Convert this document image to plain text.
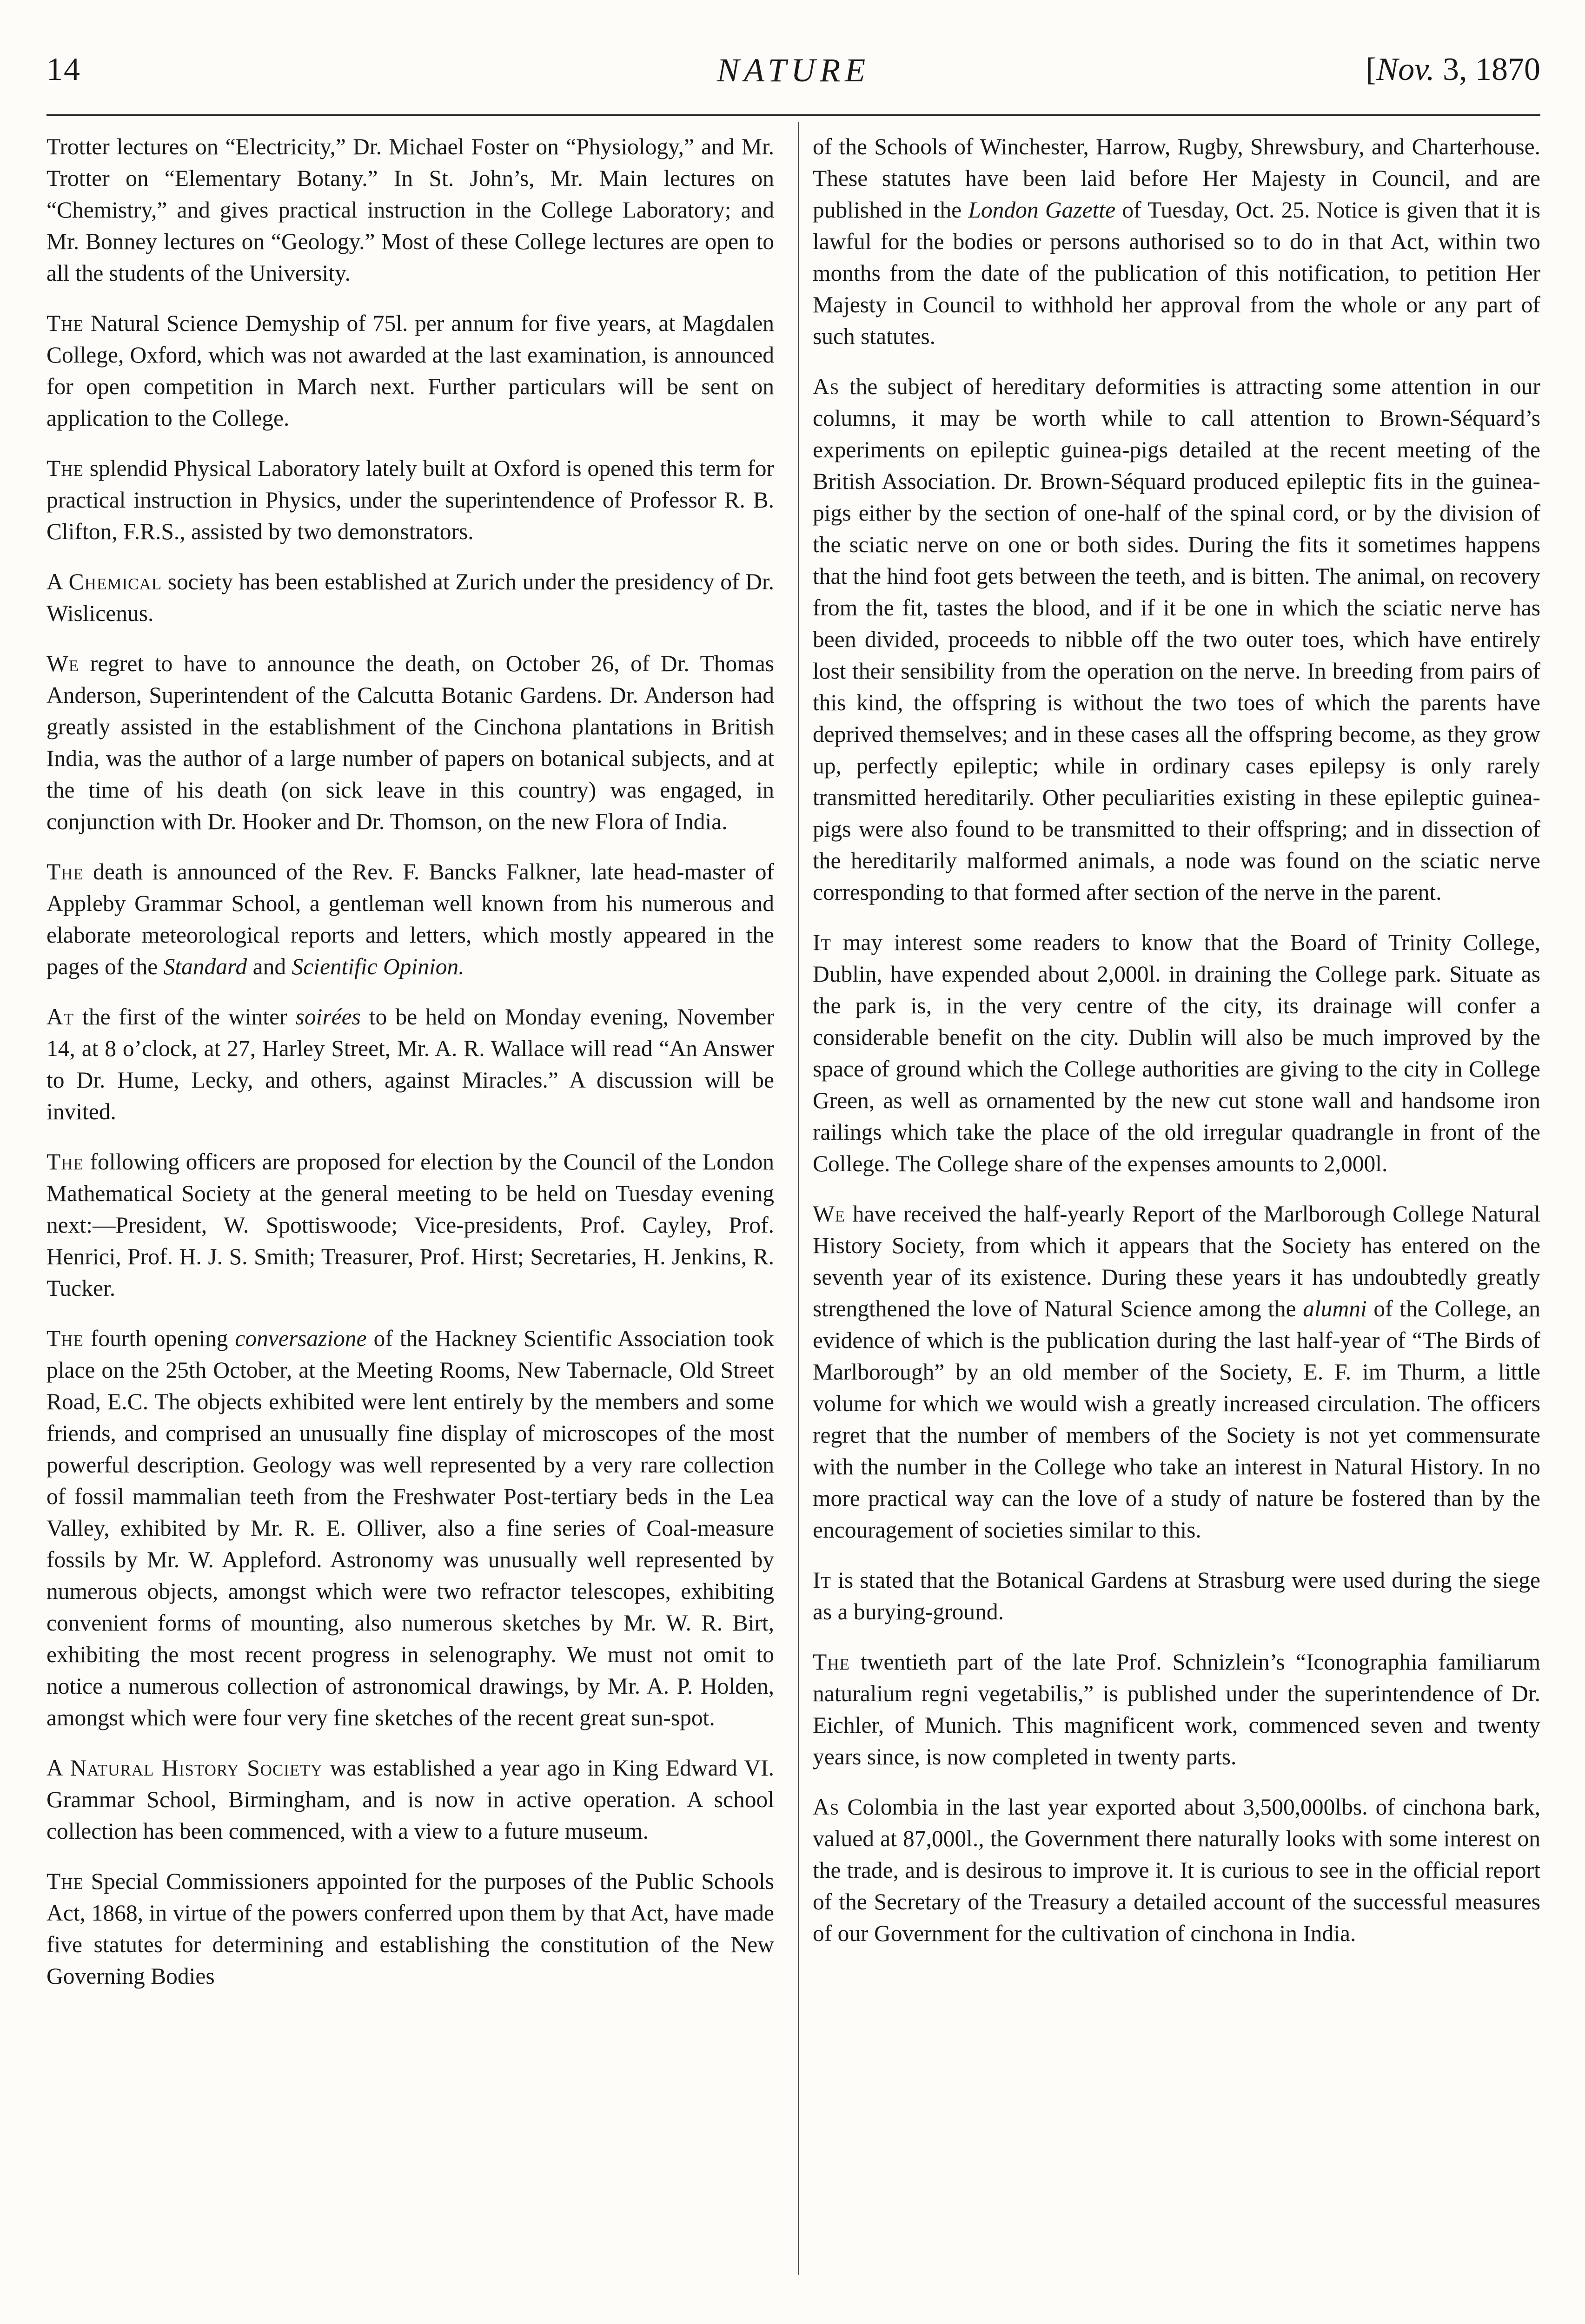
14	NATURE	[Nov. 3, 1870

Trotter lectures on “Electricity,” Dr. Michael Foster on “Physiology,” and Mr. Trotter on “Elementary Botany.” In St. John’s, Mr. Main lectures on “Chemistry,” and gives practical instruction in the College Laboratory; and Mr. Bonney lectures on “Geology.” Most of these College lectures are open to all the students of the University.

The Natural Science Demyship of 75l. per annum for five years, at Magdalen College, Oxford, which was not awarded at the last examination, is announced for open competition in March next. Further particulars will be sent on application to the College.

The splendid Physical Laboratory lately built at Oxford is opened this term for practical instruction in Physics, under the superintendence of Professor R. B. Clifton, F.R.S., assisted by two demonstrators.

A Chemical society has been established at Zurich under the presidency of Dr. Wislicenus.

We regret to have to announce the death, on October 26, of Dr. Thomas Anderson, Superintendent of the Calcutta Botanic Gardens. Dr. Anderson had greatly assisted in the establishment of the Cinchona plantations in British India, was the author of a large number of papers on botanical subjects, and at the time of his death (on sick leave in this country) was engaged, in conjunction with Dr. Hooker and Dr. Thomson, on the new Flora of India.

The death is announced of the Rev. F. Bancks Falkner, late head-master of Appleby Grammar School, a gentleman well known from his numerous and elaborate meteorological reports and letters, which mostly appeared in the pages of the Standard and Scientific Opinion.

At the first of the winter soirées to be held on Monday evening, November 14, at 8 o’clock, at 27, Harley Street, Mr. A. R. Wallace will read “An Answer to Dr. Hume, Lecky, and others, against Miracles.” A discussion will be invited.

The following officers are proposed for election by the Council of the London Mathematical Society at the general meeting to be held on Tuesday evening next:—President, W. Spottiswoode; Vice-presidents, Prof. Cayley, Prof. Henrici, Prof. H. J. S. Smith; Treasurer, Prof. Hirst; Secretaries, H. Jenkins, R. Tucker.

The fourth opening conversazione of the Hackney Scientific Association took place on the 25th October, at the Meeting Rooms, New Tabernacle, Old Street Road, E.C. The objects exhibited were lent entirely by the members and some friends, and comprised an unusually fine display of microscopes of the most powerful description. Geology was well represented by a very rare collection of fossil mammalian teeth from the Freshwater Post-tertiary beds in the Lea Valley, exhibited by Mr. R. E. Olliver, also a fine series of Coal-measure fossils by Mr. W. Appleford. Astronomy was unusually well represented by numerous objects, amongst which were two refractor telescopes, exhibiting convenient forms of mounting, also numerous sketches by Mr. W. R. Birt, exhibiting the most recent progress in selenography. We must not omit to notice a numerous collection of astronomical drawings, by Mr. A. P. Holden, amongst which were four very fine sketches of the recent great sun-spot.

A Natural History Society was established a year ago in King Edward VI. Grammar School, Birmingham, and is now in active operation. A school collection has been commenced, with a view to a future museum.

The Special Commissioners appointed for the purposes of the Public Schools Act, 1868, in virtue of the powers conferred upon them by that Act, have made five statutes for determining and establishing the constitution of the New Governing Bodies

of the Schools of Winchester, Harrow, Rugby, Shrewsbury, and Charterhouse. These statutes have been laid before Her Majesty in Council, and are published in the London Gazette of Tuesday, Oct. 25. Notice is given that it is lawful for the bodies or persons authorised so to do in that Act, within two months from the date of the publication of this notification, to petition Her Majesty in Council to withhold her approval from the whole or any part of such statutes.

As the subject of hereditary deformities is attracting some attention in our columns, it may be worth while to call attention to Brown-Séquard’s experiments on epileptic guinea-pigs detailed at the recent meeting of the British Association. Dr. Brown-Séquard produced epileptic fits in the guinea-pigs either by the section of one-half of the spinal cord, or by the division of the sciatic nerve on one or both sides. During the fits it sometimes happens that the hind foot gets between the teeth, and is bitten. The animal, on recovery from the fit, tastes the blood, and if it be one in which the sciatic nerve has been divided, proceeds to nibble off the two outer toes, which have entirely lost their sensibility from the operation on the nerve. In breeding from pairs of this kind, the offspring is without the two toes of which the parents have deprived themselves; and in these cases all the offspring become, as they grow up, perfectly epileptic; while in ordinary cases epilepsy is only rarely transmitted hereditarily. Other peculiarities existing in these epileptic guinea-pigs were also found to be transmitted to their offspring; and in dissection of the hereditarily malformed animals, a node was found on the sciatic nerve corresponding to that formed after section of the nerve in the parent.

It may interest some readers to know that the Board of Trinity College, Dublin, have expended about 2,000l. in draining the College park. Situate as the park is, in the very centre of the city, its drainage will confer a considerable benefit on the city. Dublin will also be much improved by the space of ground which the College authorities are giving to the city in College Green, as well as ornamented by the new cut stone wall and handsome iron railings which take the place of the old irregular quadrangle in front of the College. The College share of the expenses amounts to 2,000l.

We have received the half-yearly Report of the Marlborough College Natural History Society, from which it appears that the Society has entered on the seventh year of its existence. During these years it has undoubtedly greatly strengthened the love of Natural Science among the alumni of the College, an evidence of which is the publication during the last half-year of “The Birds of Marlborough” by an old member of the Society, E. F. im Thurm, a little volume for which we would wish a greatly increased circulation. The officers regret that the number of members of the Society is not yet commensurate with the number in the College who take an interest in Natural History. In no more practical way can the love of a study of nature be fostered than by the encouragement of societies similar to this.

It is stated that the Botanical Gardens at Strasburg were used during the siege as a burying-ground.

The twentieth part of the late Prof. Schnizlein’s “Iconographia familiarum naturalium regni vegetabilis,” is published under the superintendence of Dr. Eichler, of Munich. This magnificent work, commenced seven and twenty years since, is now completed in twenty parts.

As Colombia in the last year exported about 3,500,000lbs. of cinchona bark, valued at 87,000l., the Government there naturally looks with some interest on the trade, and is desirous to improve it. It is curious to see in the official report of the Secretary of the Treasury a detailed account of the successful measures of our Government for the cultivation of cinchona in India.
